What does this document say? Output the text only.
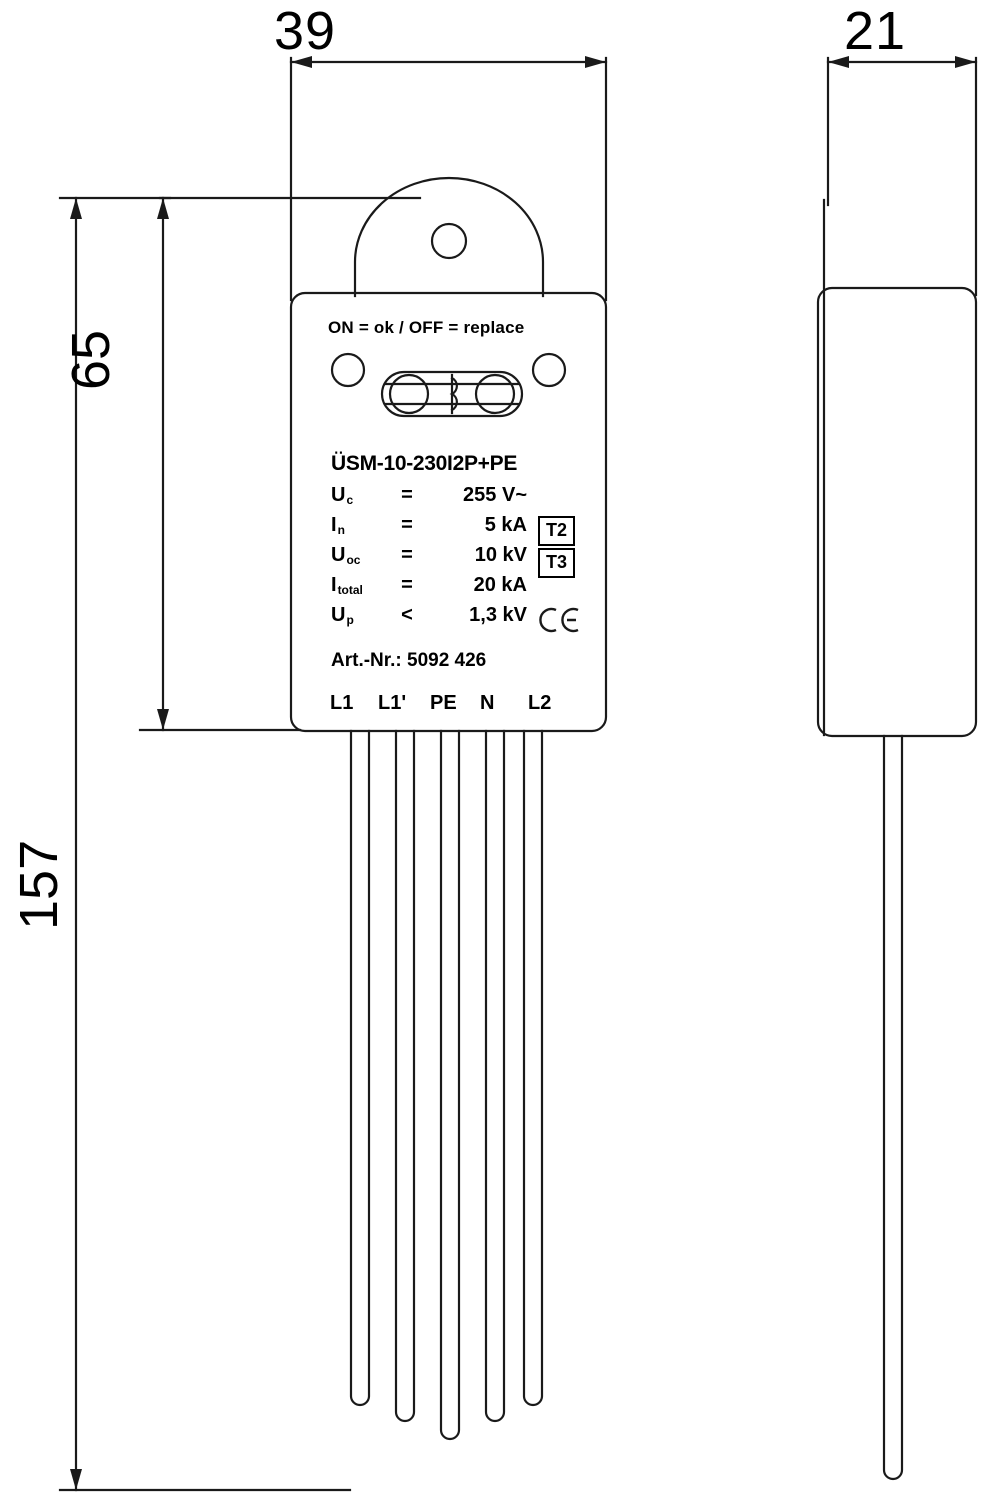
39	21
65
157
ON = ok / OFF = replace
ÜSM-10-230I2P+PE
$U_c$	=	255 V~
$I_n$	=	5 kA
$U_{oc}$	=	10 kV
$I_{total}$	=	20 kA
$U_p$	<	1,3 kV
T2
T3
Art.-Nr.: 5092 426
L1	L1'	PE	N	L2
